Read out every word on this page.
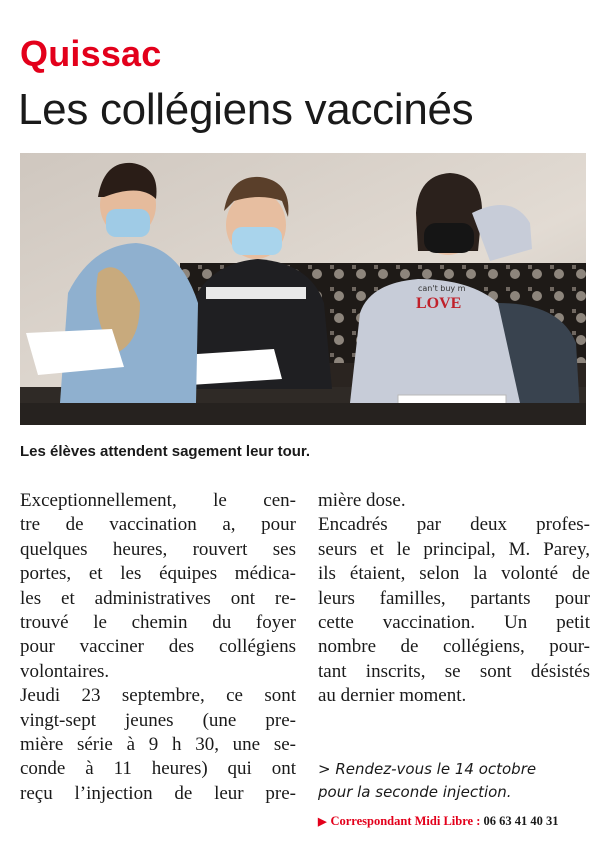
Quissac
Les collégiens vaccinés
can't buy m
LOVE
Les élèves attendent sagement leur tour.
Exceptionnellement, le cen-
tre de vaccination a, pour
quelques heures, rouvert ses
portes, et les équipes médica-
les et administratives ont re-
trouvé le chemin du foyer
pour vacciner des collégiens
volontaires.
Jeudi 23 septembre, ce sont
vingt-sept jeunes (une pre-
mière série à 9 h 30, une se-
conde à 11 heures) qui ont
reçu l’injection de leur pre-
mière dose.
Encadrés par deux profes-
seurs et le principal, M. Parey,
ils étaient, selon la volonté de
leurs familles, partants pour
cette vaccination. Un petit
nombre de collégiens, pour-
tant inscrits, se sont désistés
au dernier moment.
> Rendez-vous le 14 octobre
pour la seconde injection.
▶ Correspondant Midi Libre : 06 63 41 40 31
